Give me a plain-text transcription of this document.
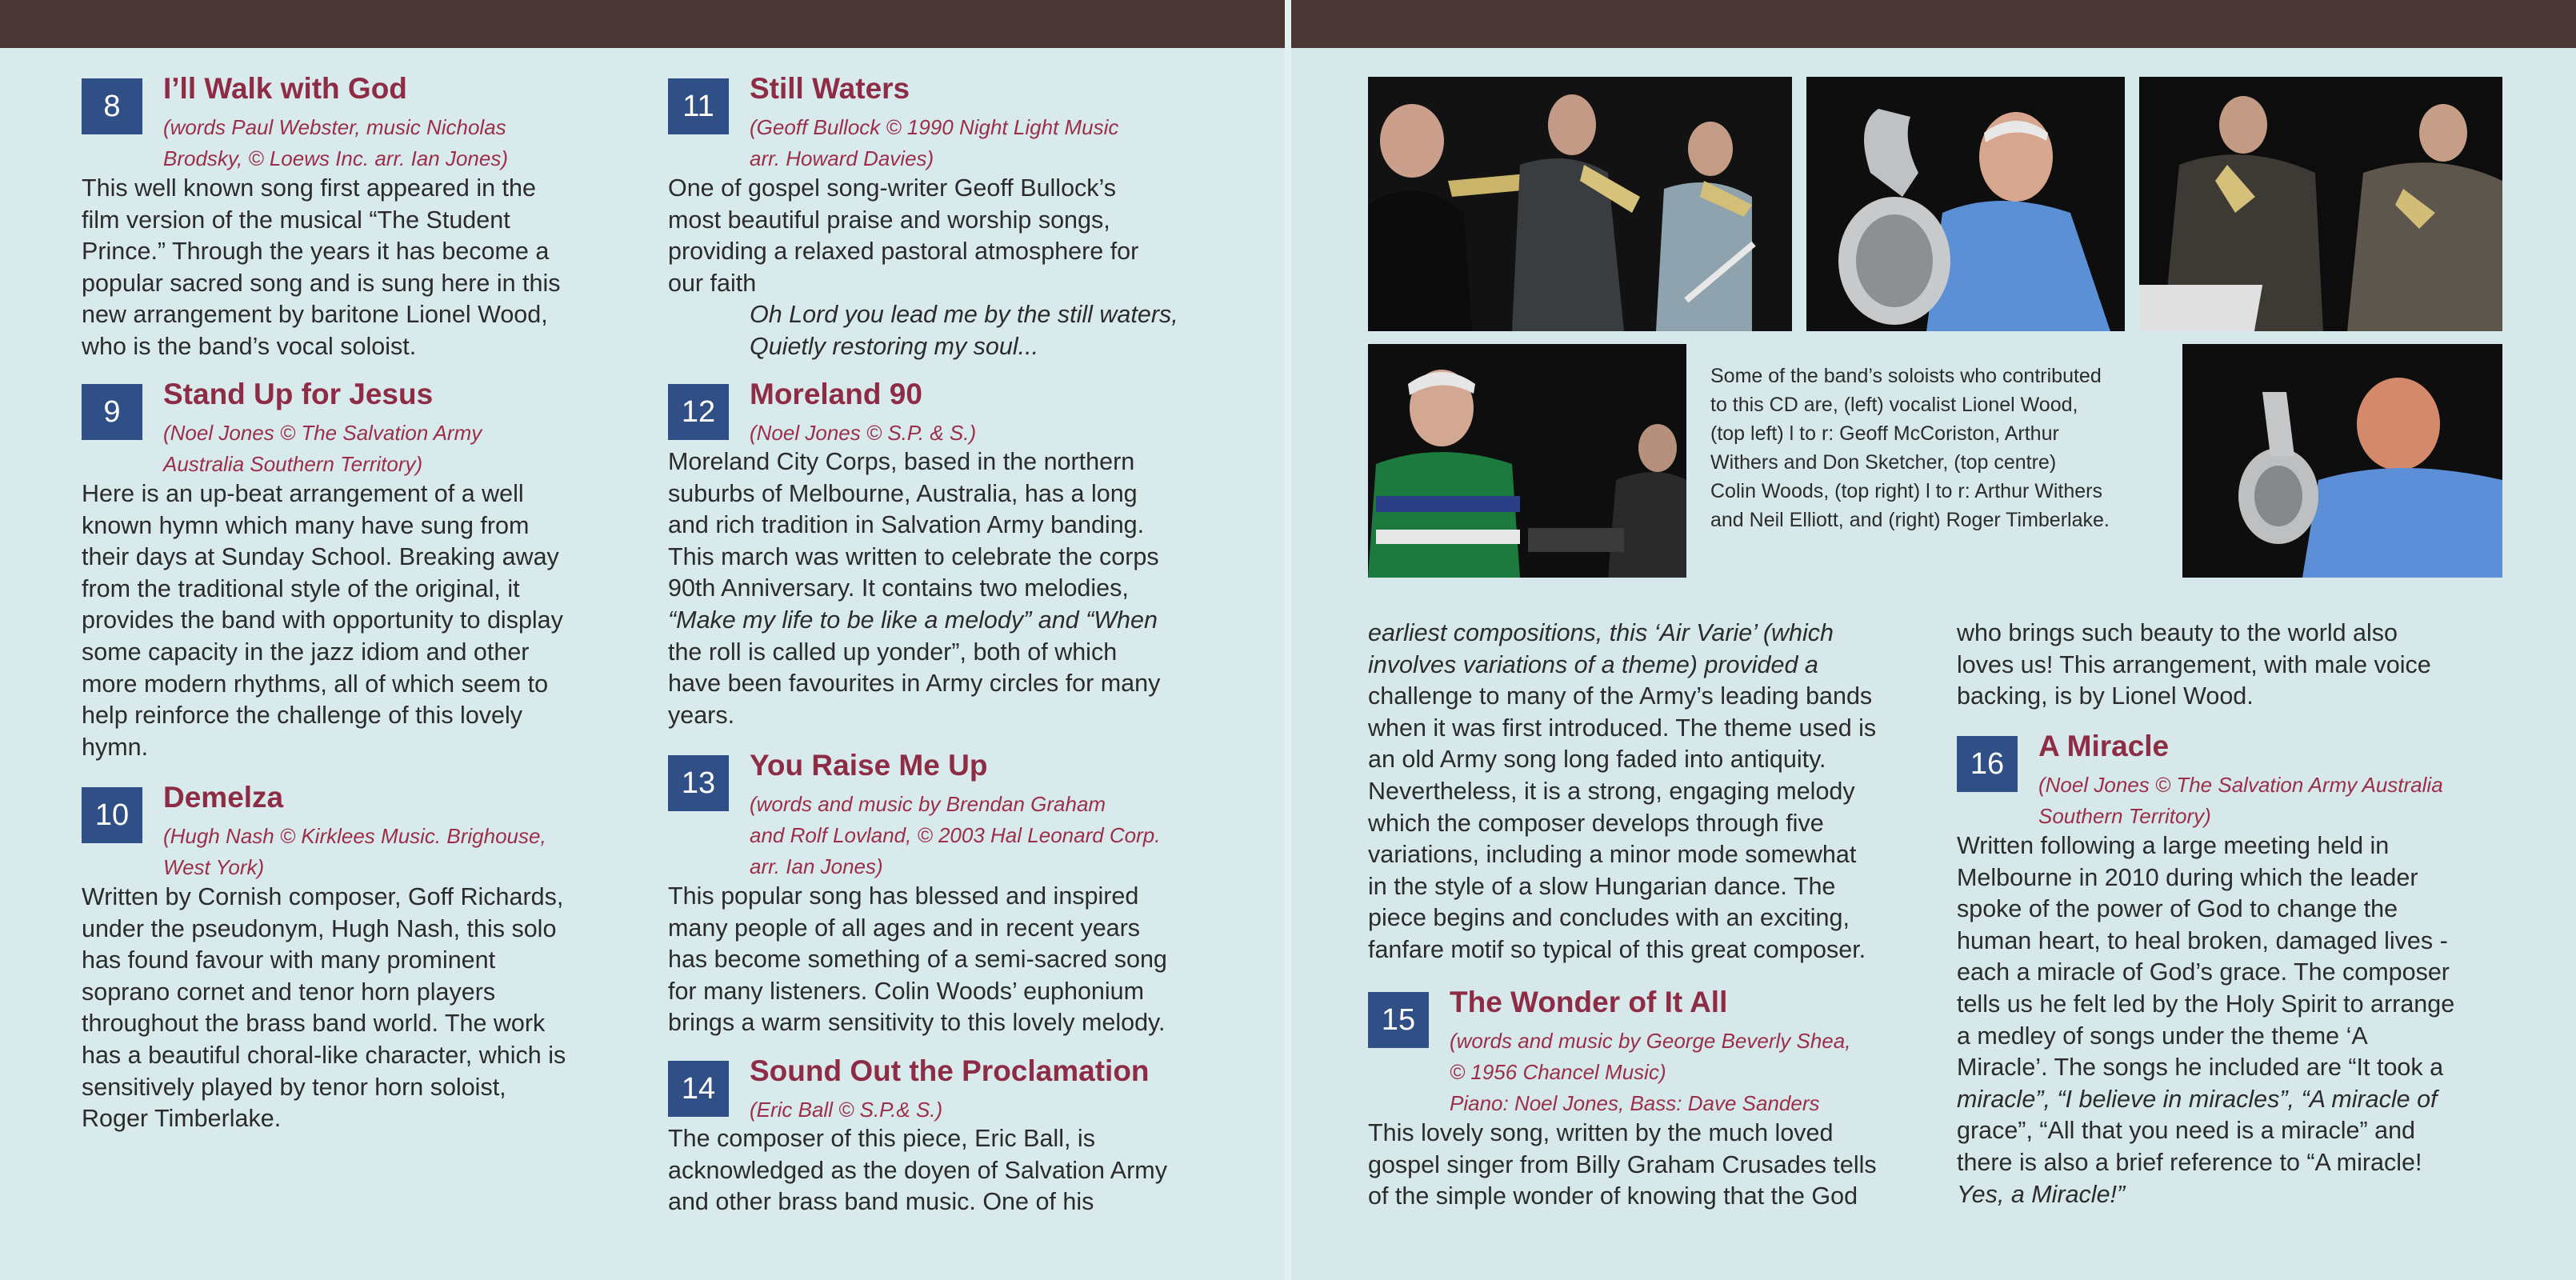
8
I’ll Walk with God
(words Paul Webster, music Nicholas
Brodsky, © Loews Inc. arr. Ian Jones)
This well known song first appeared in the
film version of the musical “The Student
Prince.” Through the years it has become a
popular sacred song and is sung here in this
new arrangement by baritone Lionel Wood,
who is the band’s vocal soloist.
9
Stand Up for Jesus
(Noel Jones © The Salvation Army
Australia Southern Territory)
Here is an up-beat arrangement of a well
known hymn which many have sung from
their days at Sunday School. Breaking away
from the traditional style of the original, it
provides the band with opportunity to display
some capacity in the jazz idiom and other
more modern rhythms, all of which seem to
help reinforce the challenge of this lovely
hymn.
10
Demelza
(Hugh Nash © Kirklees Music. Brighouse,
West York)
Written by Cornish composer, Goff Richards,
under the pseudonym, Hugh Nash, this solo
has found favour with many prominent
soprano cornet and tenor horn players
throughout the brass band world. The work
has a beautiful choral-like character, which is
sensitively played by tenor horn soloist,
Roger Timberlake.
11
Still Waters
(Geoff Bullock © 1990 Night Light Music
arr. Howard Davies)
One of gospel song-writer Geoff Bullock’s
most beautiful praise and worship songs,
providing a relaxed pastoral atmosphere for
our faith
Oh Lord you lead me by the still waters,
Quietly restoring my soul...
12
Moreland 90
(Noel Jones © S.P. & S.)
Moreland City Corps, based in the northern
suburbs of Melbourne, Australia, has a long
and rich tradition in Salvation Army banding.
This march was written to celebrate the corps
90th Anniversary. It contains two melodies,
“Make my life to be like a melody” and “When
the roll is called up yonder”, both of which
have been favourites in Army circles for many
years.
13
You Raise Me Up
(words and music by Brendan Graham
and Rolf Lovland, © 2003 Hal Leonard Corp.
arr. Ian Jones)
This popular song has blessed and inspired
many people of all ages and in recent years
has become something of a semi-sacred song
for many listeners. Colin Woods’ euphonium
brings a warm sensitivity to this lovely melody.
14
Sound Out the Proclamation
(Eric Ball © S.P.& S.)
The composer of this piece, Eric Ball, is
acknowledged as the doyen of Salvation Army
and other brass band music. One of his
Some of the band’s soloists who contributed
to this CD are, (left) vocalist Lionel Wood,
(top left) l to r: Geoff McCoriston, Arthur
Withers and Don Sketcher, (top centre)
Colin Woods, (top right) l to r: Arthur Withers
and Neil Elliott, and (right) Roger Timberlake.
earliest compositions, this ‘Air Varie’ (which
involves variations of a theme) provided a
challenge to many of the Army’s leading bands
when it was first introduced. The theme used is
an old Army song long faded into antiquity.
Nevertheless, it is a strong, engaging melody
which the composer develops through five
variations, including a minor mode somewhat
in the style of a slow Hungarian dance. The
piece begins and concludes with an exciting,
fanfare motif so typical of this great composer.
15
The Wonder of It All
(words and music by George Beverly Shea,
© 1956 Chancel Music)
Piano: Noel Jones, Bass: Dave Sanders
This lovely song, written by the much loved
gospel singer from Billy Graham Crusades tells
of the simple wonder of knowing that the God
who brings such beauty to the world also
loves us! This arrangement, with male voice
backing, is by Lionel Wood.
16
A Miracle
(Noel Jones © The Salvation Army Australia
Southern Territory)
Written following a large meeting held in
Melbourne in 2010 during which the leader
spoke of the power of God to change the
human heart, to heal broken, damaged lives -
each a miracle of God’s grace. The composer
tells us he felt led by the Holy Spirit to arrange
a medley of songs under the theme ‘A
Miracle’. The songs he included are “It took a
miracle”, “I believe in miracles”, “A miracle of
grace”, “All that you need is a miracle” and
there is also a brief reference to “A miracle!
Yes, a Miracle!”
